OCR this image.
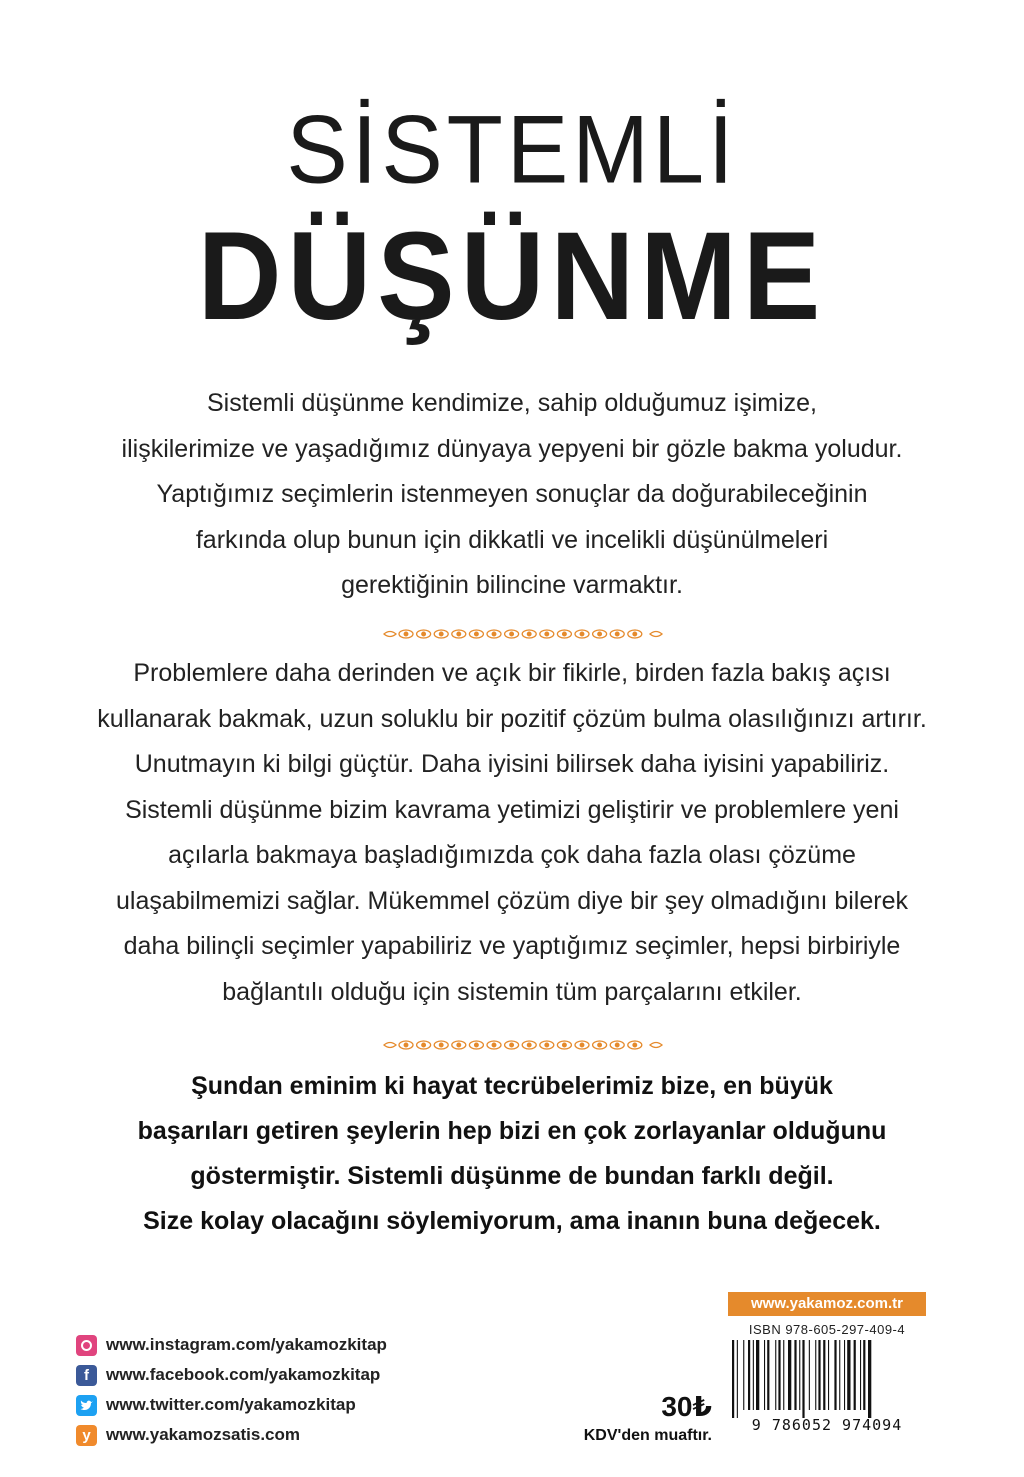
SİSTEMLİ
DÜŞÜNME
Sistemli düşünme kendimize, sahip olduğumuz işimize,
ilişkilerimize ve yaşadığımız dünyaya yepyeni bir gözle bakma yoludur.
Yaptığımız seçimlerin istenmeyen sonuçlar da doğurabileceğinin
farkında olup bunun için dikkatli ve incelikli düşünülmeleri
gerektiğinin bilincine varmaktır.
Problemlere daha derinden ve açık bir fikirle, birden fazla bakış açısı
kullanarak bakmak, uzun soluklu bir pozitif çözüm bulma olasılığınızı artırır.
Unutmayın ki bilgi güçtür. Daha iyisini bilirsek daha iyisini yapabiliriz.
Sistemli düşünme bizim kavrama yetimizi geliştirir ve problemlere yeni
açılarla bakmaya başladığımızda çok daha fazla olası çözüme
ulaşabilmemizi sağlar. Mükemmel çözüm diye bir şey olmadığını bilerek
daha bilinçli seçimler yapabiliriz ve yaptığımız seçimler, hepsi birbiriyle
bağlantılı olduğu için sistemin tüm parçalarını etkiler.
Şundan eminim ki hayat tecrübelerimiz bize, en büyük
başarıları getiren şeylerin hep bizi en çok zorlayanlar olduğunu
göstermiştir. Sistemli düşünme de bundan farklı değil.
Size kolay olacağını söylemiyorum, ama inanın buna değecek.
www.instagram.com/yakamozkitap
f	www.facebook.com/yakamozkitap
www.twitter.com/yakamozkitap
y www.yakamozsatis.com
30₺
KDV'den muaftır.
www.yakamoz.com.tr
ISBN 978-605-297-409-4
9 786052 974094
